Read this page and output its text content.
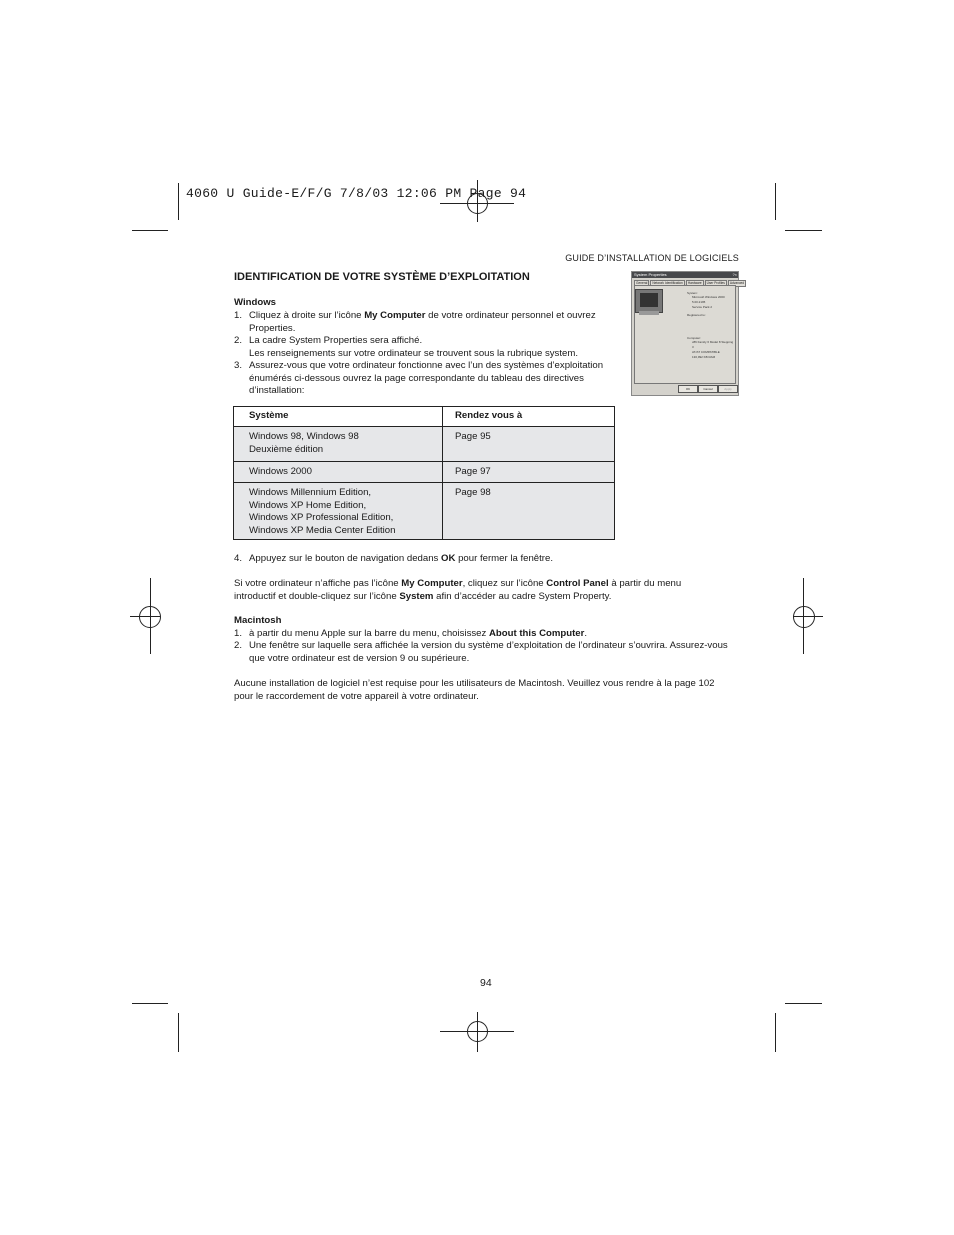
4060 U Guide-E/F/G 7/8/03 12:06 PM Page 94
GUIDE D’INSTALLATION DE LOGICIELS
IDENTIFICATION DE VOTRE SYSTÈME D’EXPLOITATION
Windows
1. Cliquez à droite sur l’icône My Computer de votre ordinateur personnel et ouvrez Properties.
2. La cadre System Properties sera affiché.
Les renseignements sur votre ordinateur se trouvent sous la rubrique system.
3. Assurez-vous que votre ordinateur fonctionne avec l’un des systèmes d’exploitation énumérés ci-dessous ouvrez la page correspondante du tableau des directives d’installation:
Système	Rendez vous à

Windows 98, Windows 98
Deuxième édition	Page 95

Windows 2000	Page 97

Windows Millennium Edition,
Windows XP Home Edition,
Windows XP Professional Edition,
Windows XP Media Center Edition	Page 98
4. Appuyez sur le bouton de navigation dedans OK pour fermer la fenêtre.
Si votre ordinateur n’affiche pas l’icône My Computer, cliquez sur l’icône Control Panel à partir du menu introductif et double-cliquez sur l’icône System afin d’accéder au cadre System Property.
Macintosh
1. à partir du menu Apple sur la barre du menu, choisissez About this Computer.
2. Une fenêtre sur laquelle sera affichée la version du système d’exploitation de l’ordinateur s’ouvrira. Assurez-vous que votre ordinateur est de version 9 ou supérieure.
Aucune installation de logiciel n’est requise pour les utilisateurs de Macintosh. Veuillez vous rendre à la page 102 pour le raccordement de votre appareil à votre ordinateur.
94
System Properties	?×
General	Network Identification	Hardware	User Profiles	Advanced
System:
Microsoft Windows 2000
5.00.2195
Service Pack 2
Registered to:
Computer:
x86 Family 6 Model 8 Stepping
3
AT/AT COMPATIBLE
130,992 KB RAM
OK	Cancel	Apply
